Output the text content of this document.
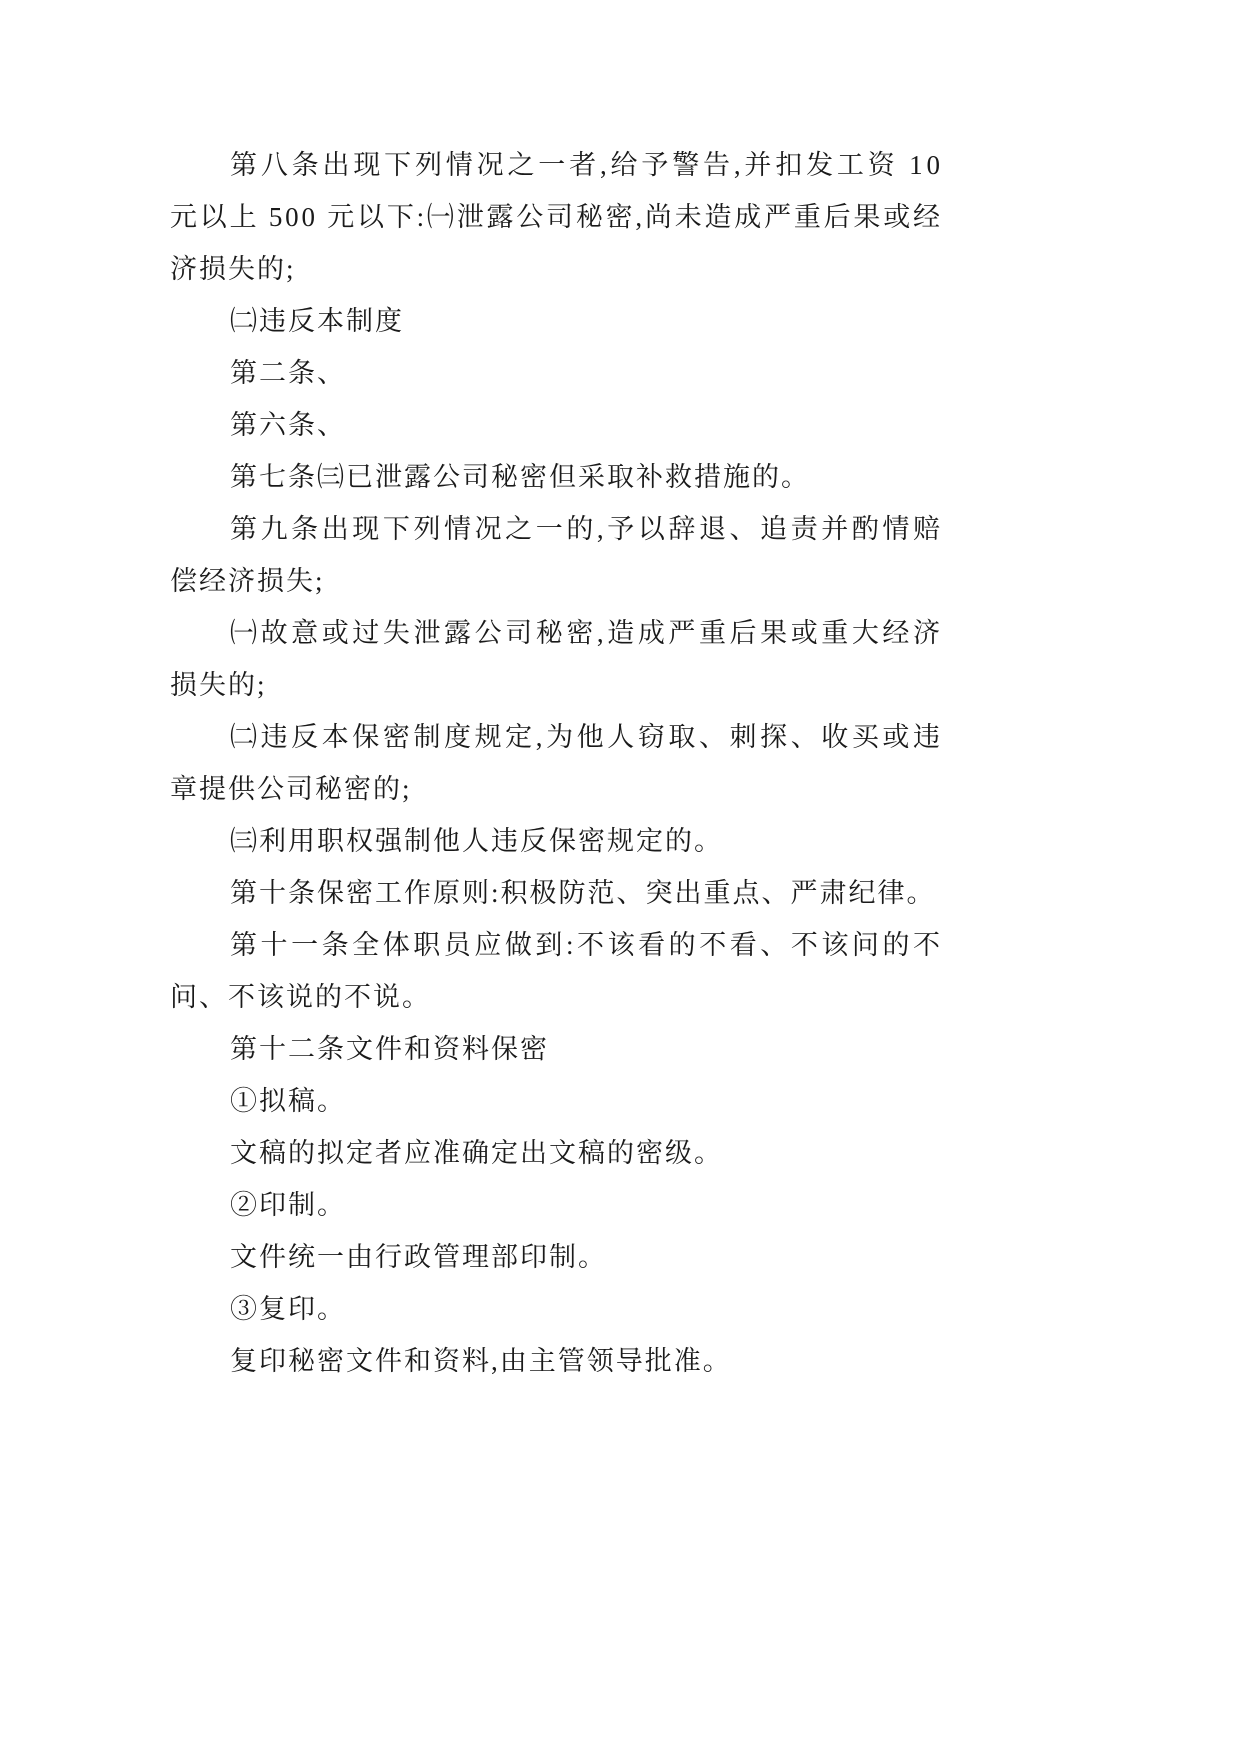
第八条出现下列情况之一者,给予警告,并扣发工资 10
元以上 500 元以下:㈠泄露公司秘密,尚未造成严重后果或经
济损失的;
㈡违反本制度
第二条、
第六条、
第七条㈢已泄露公司秘密但采取补救措施的。
第九条出现下列情况之一的,予以辞退、追责并酌情赔
偿经济损失;
㈠故意或过失泄露公司秘密,造成严重后果或重大经济
损失的;
㈡违反本保密制度规定,为他人窃取、刺探、收买或违
章提供公司秘密的;
㈢利用职权强制他人违反保密规定的。
第十条保密工作原则:积极防范、突出重点、严肃纪律。
第十一条全体职员应做到:不该看的不看、不该问的不
问、不该说的不说。
第十二条文件和资料保密
①拟稿。
文稿的拟定者应准确定出文稿的密级。
②印制。
文件统一由行政管理部印制。
③复印。
复印秘密文件和资料,由主管领导批准。
